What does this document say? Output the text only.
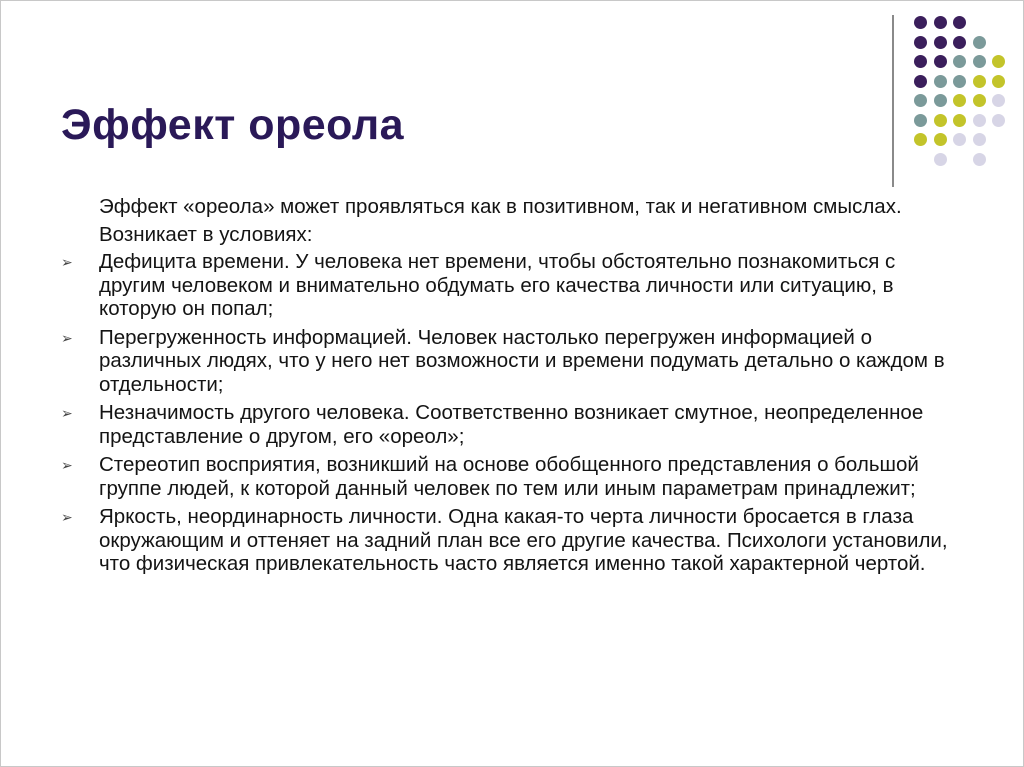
Эффект ореола

Эффект «ореола» может проявляться как в позитивном, так и негативном смыслах.

Возникает в условиях:

➢ Дефицита времени. У человека нет времени, чтобы обстоятельно познакомиться с другим человеком и внимательно обдумать его качества личности или ситуацию, в которую он попал;
➢ Перегруженность информацией. Человек настолько перегружен информацией о различных людях, что у него нет возможности и времени подумать детально о каждом в отдельности;
➢ Незначимость другого человека. Соответственно возникает смутное, неопределенное представление о другом, его «ореол»;
➢ Стереотип восприятия, возникший на основе обобщенного представления о большой группе людей, к которой данный человек по тем или иным параметрам принадлежит;
➢ Яркость, неординарность личности. Одна какая-то черта личности бросается в глаза окружающим и оттеняет на задний план все его другие качества. Психологи установили, что физическая привлекательность часто является именно такой характерной чертой.
